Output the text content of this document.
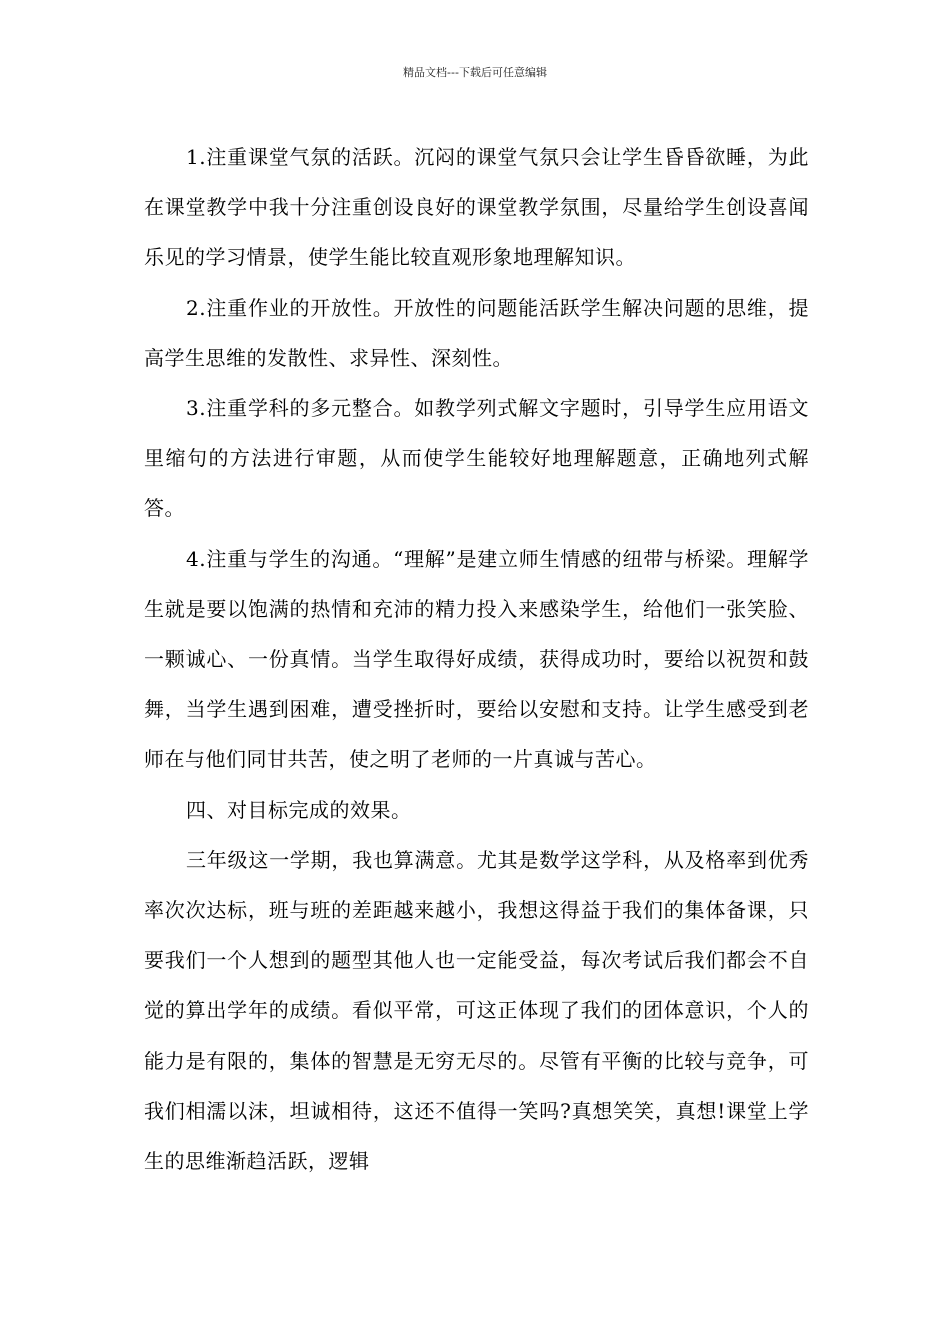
精品文档---下载后可任意编辑

1.注重课堂气氛的活跃。沉闷的课堂气氛只会让学生昏昏欲睡，为此在课堂教学中我十分注重创设良好的课堂教学氛围，尽量给学生创设喜闻乐见的学习情景，使学生能比较直观形象地理解知识。

2.注重作业的开放性。开放性的问题能活跃学生解决问题的思维，提高学生思维的发散性、求异性、深刻性。

3.注重学科的多元整合。如教学列式解文字题时，引导学生应用语文里缩句的方法进行审题，从而使学生能较好地理解题意，正确地列式解答。

4.注重与学生的沟通。“理解”是建立师生情感的纽带与桥梁。理解学生就是要以饱满的热情和充沛的精力投入来感染学生，给他们一张笑脸、一颗诚心、一份真情。当学生取得好成绩，获得成功时，要给以祝贺和鼓舞，当学生遇到困难，遭受挫折时，要给以安慰和支持。让学生感受到老师在与他们同甘共苦，使之明了老师的一片真诚与苦心。

四、对目标完成的效果。

三年级这一学期，我也算满意。尤其是数学这学科，从及格率到优秀率次次达标，班与班的差距越来越小，我想这得益于我们的集体备课，只要我们一个人想到的题型其他人也一定能受益，每次考试后我们都会不自觉的算出学年的成绩。看似平常，可这正体现了我们的团体意识，个人的能力是有限的，集体的智慧是无穷无尽的。尽管有平衡的比较与竞争，可我们相濡以沫，坦诚相待，这还不值得一笑吗?真想笑笑，真想!课堂上学生的思维渐趋活跃，逻辑
